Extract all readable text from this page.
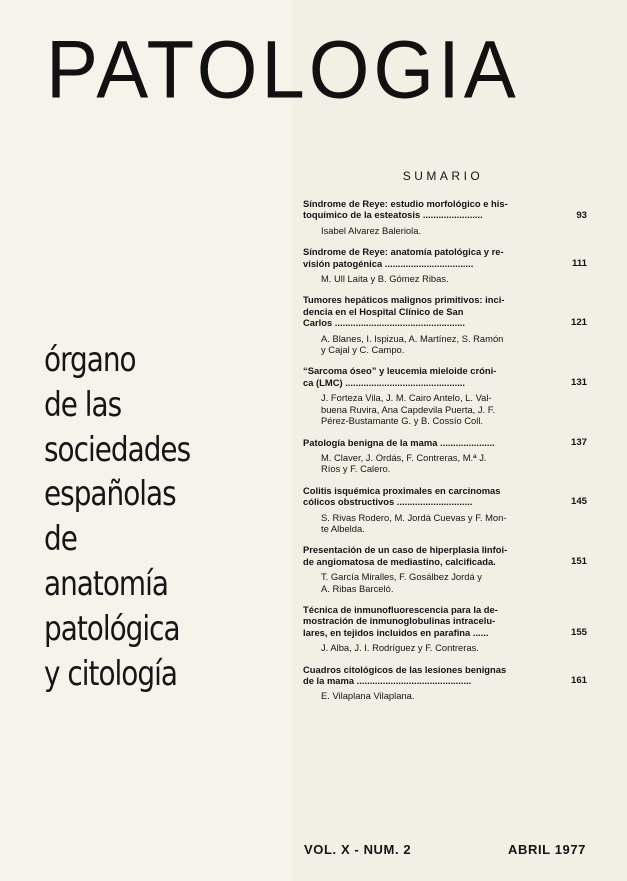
PATOLOGIA
órgano
de las
sociedades
españolas
de
anatomía
patológica
y citología
SUMARIO
Síndrome de Reye: estudio morfológico e his-
toquímico de la esteatosis .......................	93
Isabel Alvarez Baleriola.
Síndrome de Reye: anatomía patológica y re-
visión patogénica ..................................	111
M. Ull Laita y B. Gómez Ribas.
Tumores hepáticos malignos primitivos: inci-
dencia en el Hospital Clínico de San
Carlos ..................................................	121
A. Blanes, I. Ispizua, A. Martínez, S. Ramón
y Cajal y C. Campo.
“Sarcoma óseo” y leucemia mieloide cróni-
ca (LMC) ..............................................	131
J. Forteza Vila, J. M. Cairo Antelo, L. Val-
buena Ruvira, Ana Capdevila Puerta, J. F.
Pérez-Bustamante G. y B. Cossío Coll.
Patología benigna de la mama .....................	137
M. Claver, J. Ordás, F. Contreras, M.ª J.
Ríos y F. Calero.
Colitis isquémica proximales en carcinomas
cólicos obstructivos .............................	145
S. Rivas Rodero, M. Jordá Cuevas y F. Mon-
te Albelda.
Presentación de un caso de hiperplasia linfoi-
de angiomatosa de mediastino, calcificada.	151
T. García Miralles, F. Gosálbez Jordá y
A. Ribas Barceló.
Técnica de inmunofluorescencia para la de-
mostración de inmunoglobulinas intracelu-
lares, en tejidos incluidos en parafina ......	155
J. Alba, J. I. Rodríguez y F. Contreras.
Cuadros citológicos de las lesiones benignas
de la mama ............................................	161
E. Vilaplana Vilaplana.
VOL. X - NUM. 2	ABRIL 1977
